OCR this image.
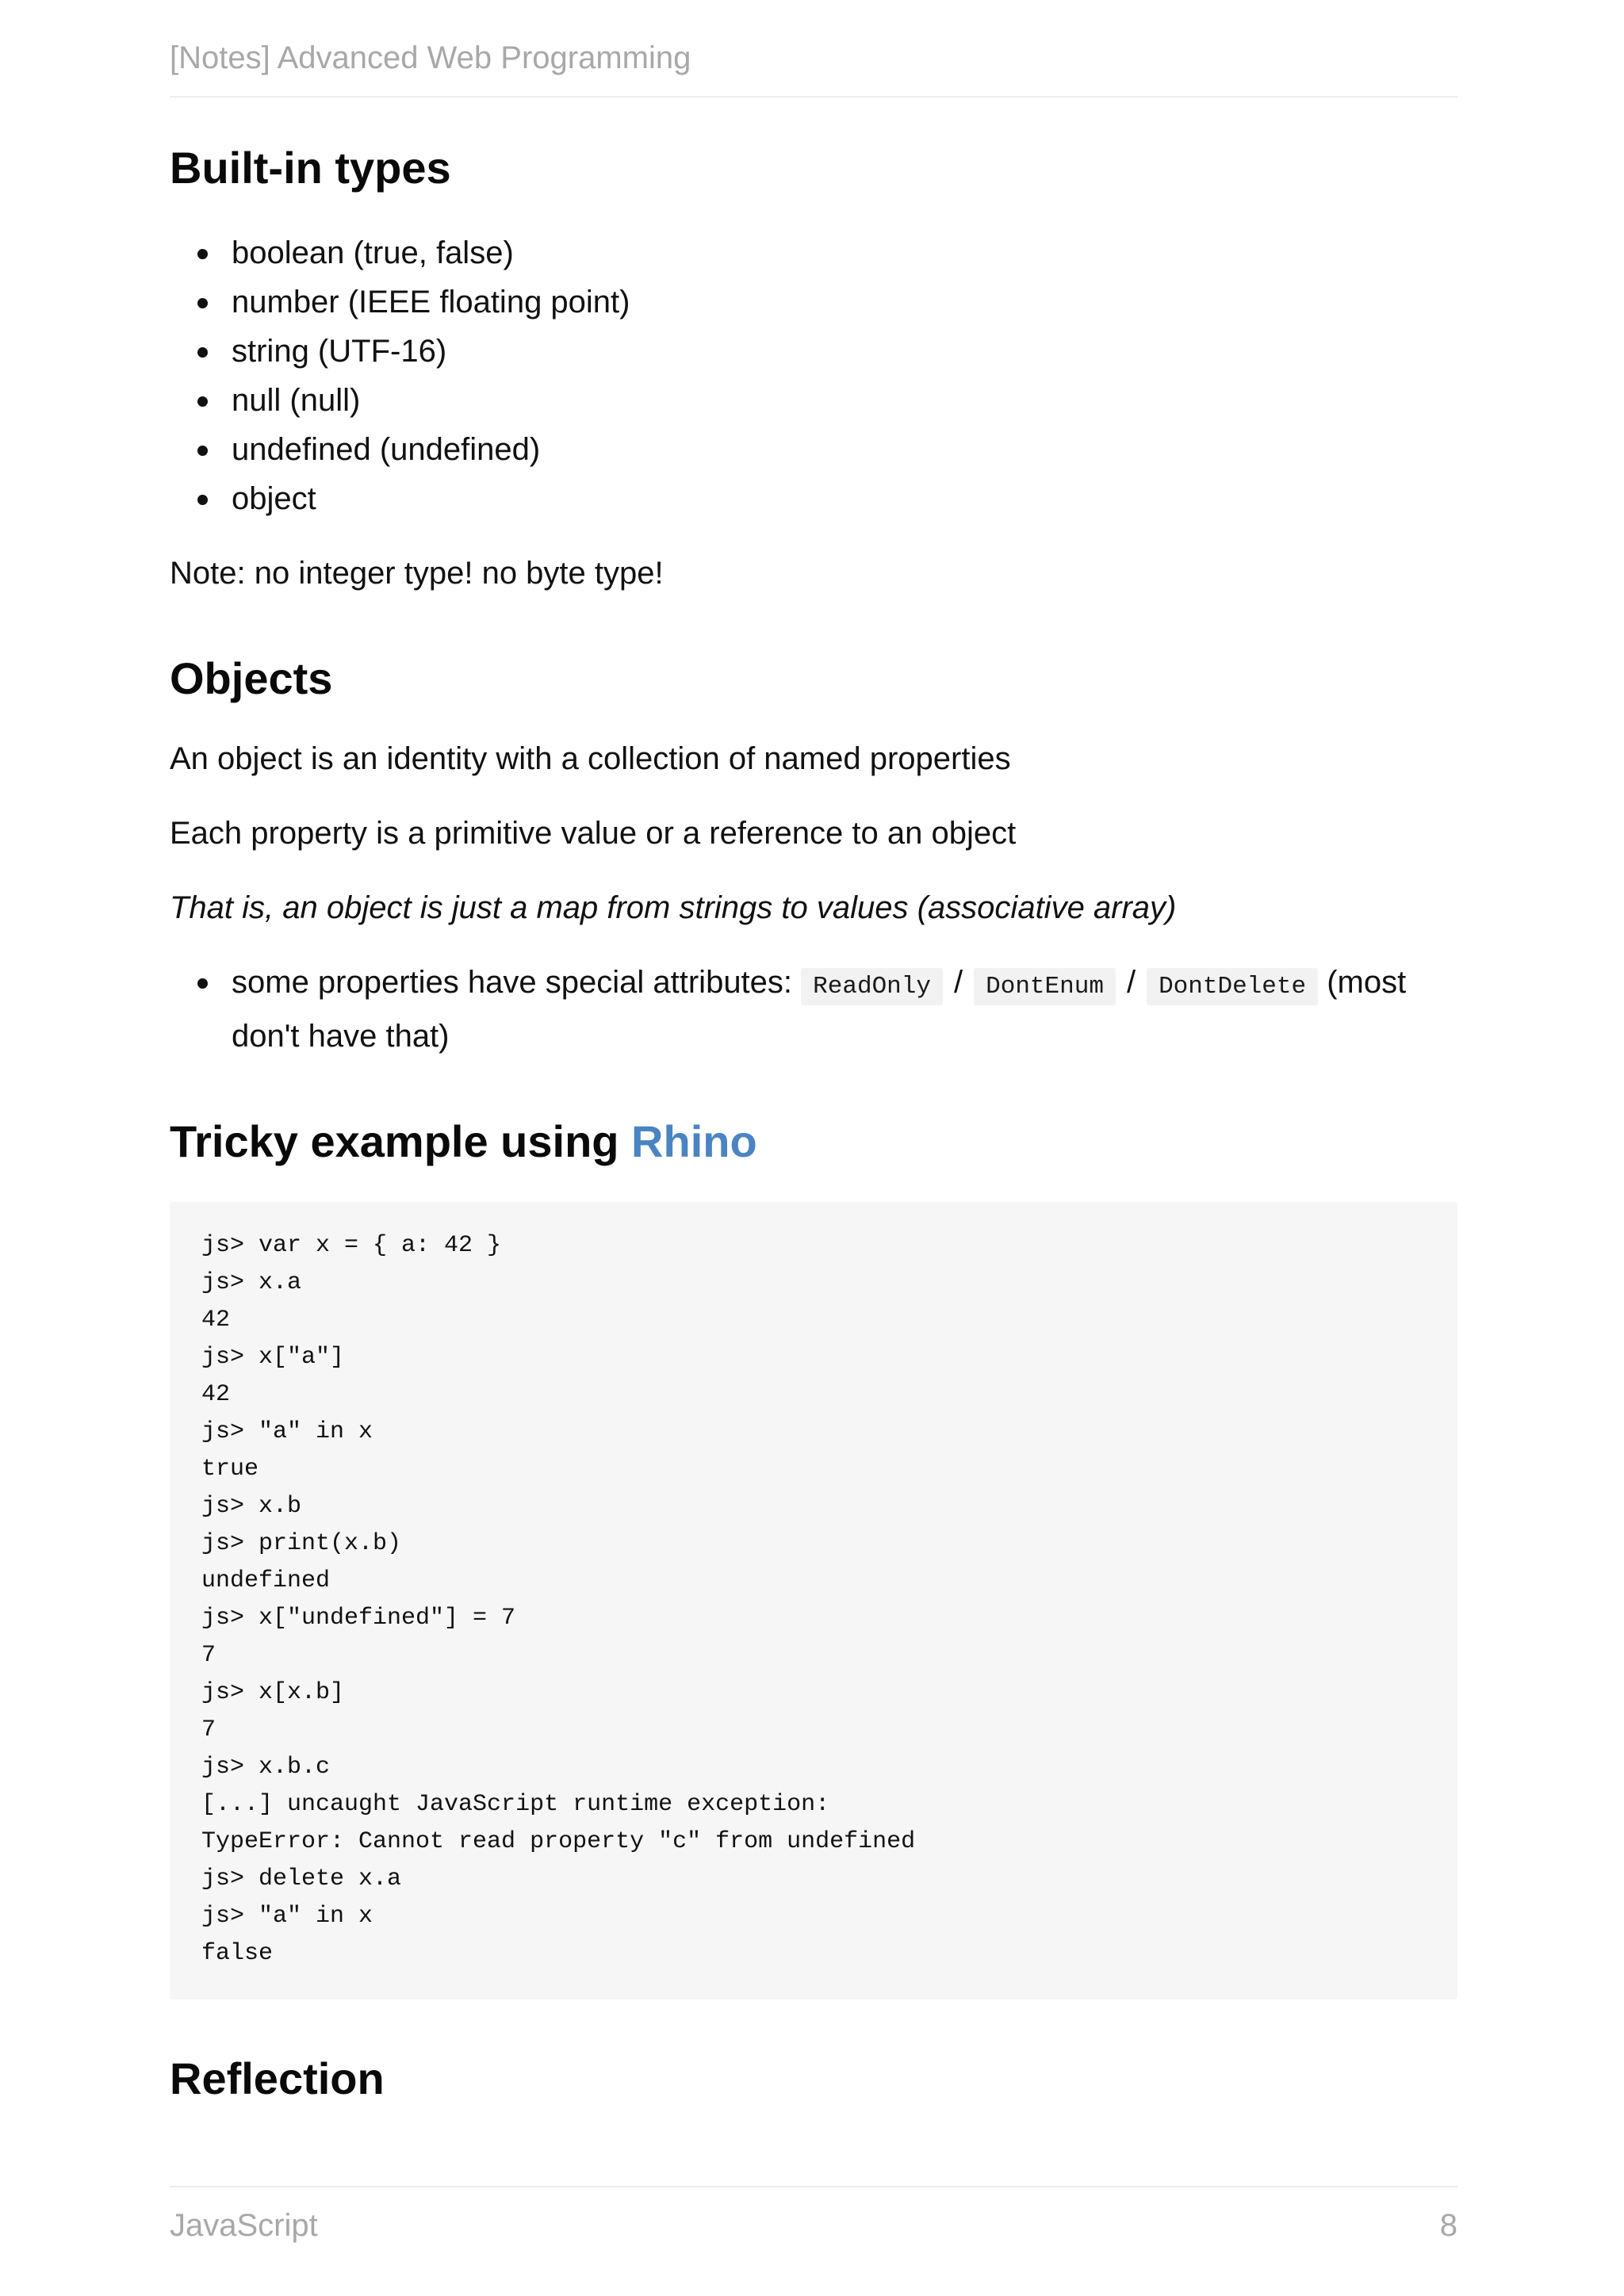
[Notes] Advanced Web Programming
Built-in types
boolean (true, false)
number (IEEE floating point)
string (UTF-16)
null (null)
undefined (undefined)
object

Note: no integer type! no byte type!

Objects

An object is an identity with a collection of named properties

Each property is a primitive value or a reference to an object

That is, an object is just a map from strings to values (associative array)

some properties have special attributes: ReadOnly / DontEnum / DontDelete (most
don't have that)
Tricky example using Rhino
js> var x = { a: 42 }
js> x.a
42
js> x["a"]
42
js> "a" in x
true
js> x.b
js> print(x.b)
undefined
js> x["undefined"] = 7
7
js> x[x.b]
7
js> x.b.c
[...] uncaught JavaScript runtime exception:
TypeError: Cannot read property "c" from undefined
js> delete x.a
js> "a" in x
false
Reflection
JavaScript	8
